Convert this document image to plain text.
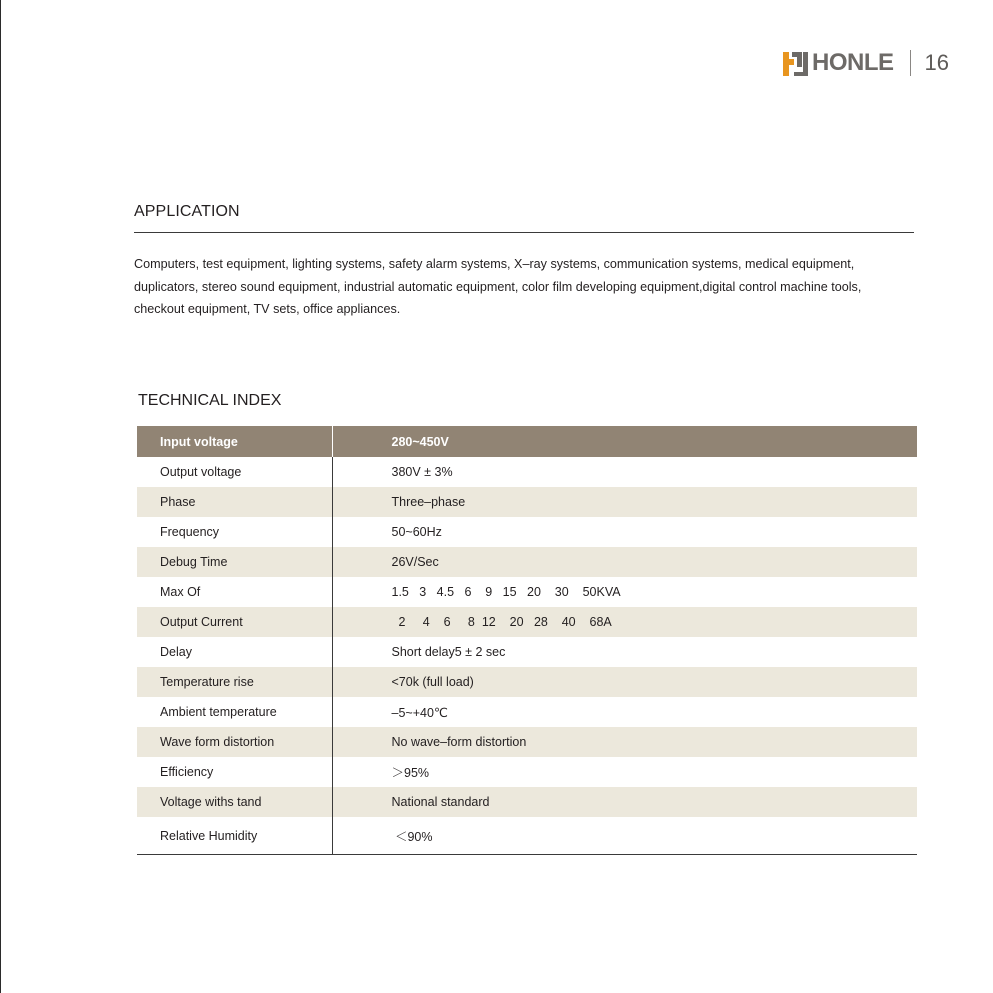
HONLE 16
APPLICATION
Computers, test equipment, lighting systems, safety alarm systems, X–ray systems, communication systems, medical equipment,
duplicators, stereo sound equipment, industrial automatic equipment, color film developing equipment,digital control machine tools,
checkout equipment, TV sets, office appliances.
TECHNICAL INDEX
Input voltage	280~450V
Output voltage	380V ± 3%
Phase	Three–phase
Frequency	50~60Hz
Debug Time	26V/Sec
Max Of	1.5   3   4.5   6    9   15   20    30    50KVA
Output Current	2     4    6     8  12    20   28    40    68A
Delay	Short delay5 ± 2 sec
Temperature rise	<70k (full load)
Ambient temperature	–5~+40℃
Wave form distortion	No wave–form distortion
Efficiency	＞95%
Voltage withs tand	National standard
Relative Humidity	＜90%
